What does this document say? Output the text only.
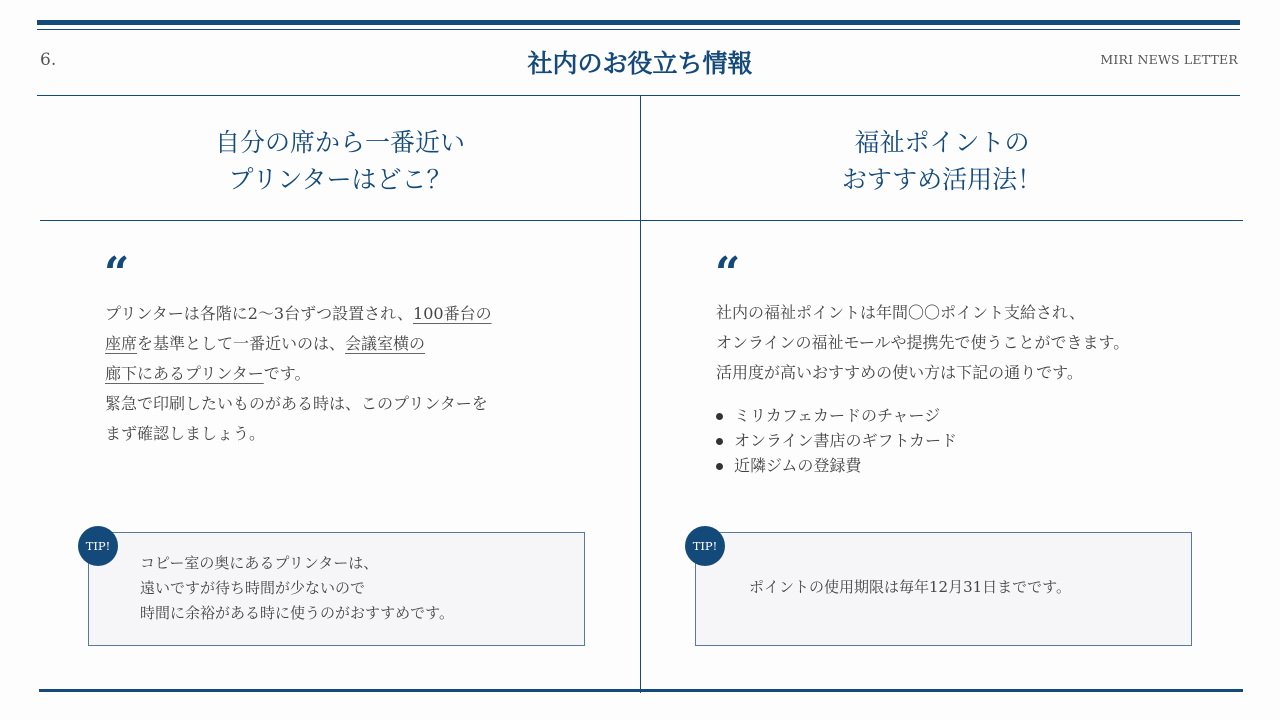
6.	社内のお役立ち情報	MIRI NEWS LETTER
自分の席から一番近い
プリンターはどこ？
“
プリンターは各階に2〜3台ずつ設置され、100番台の
座席を基準として一番近いのは、会議室横の
廊下にあるプリンターです。
緊急で印刷したいものがある時は、このプリンターを
まず確認しましょう。
TIP!
コピー室の奥にあるプリンターは、
遠いですが待ち時間が少ないので
時間に余裕がある時に使うのがおすすめです。
福祉ポイントの
おすすめ活用法！
“
社内の福祉ポイントは年間〇〇ポイント支給され、
オンラインの福祉モールや提携先で使うことができます。
活用度が高いおすすめの使い方は下記の通りです。
ミリカフェカードのチャージ
オンライン書店のギフトカード
近隣ジムの登録費
TIP!
ポイントの使用期限は毎年12月31日までです。
